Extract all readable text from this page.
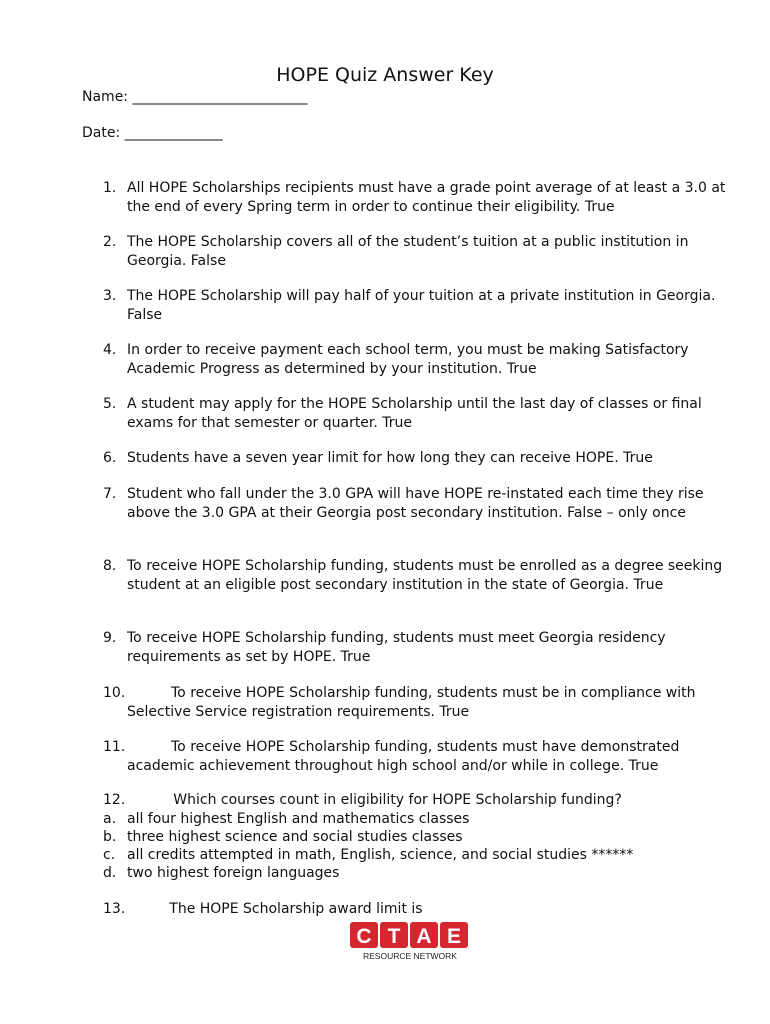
HOPE Quiz Answer Key
Name: _________________________
Date: ______________
1. All HOPE Scholarships recipients must have a grade point average of at least a 3.0 at the end of every Spring term in order to continue their eligibility. True
2. The HOPE Scholarship covers all of the student’s tuition at a public institution in Georgia. False
3. The HOPE Scholarship will pay half of your tuition at a private institution in Georgia. False
4. In order to receive payment each school term, you must be making Satisfactory Academic Progress as determined by your institution. True
5. A student may apply for the HOPE Scholarship until the last day of classes or final exams for that semester or quarter. True
6. Students have a seven year limit for how long they can receive HOPE. True
7. Student who fall under the 3.0 GPA will have HOPE re-instated each time they rise above the 3.0 GPA at their Georgia post secondary institution. False – only once
8. To receive HOPE Scholarship funding, students must be enrolled as a degree seeking student at an eligible post secondary institution in the state of Georgia. True
9. To receive HOPE Scholarship funding, students must meet Georgia residency requirements as set by HOPE. True
10.	To receive HOPE Scholarship funding, students must be in compliance with Selective Service registration requirements. True
11.	To receive HOPE Scholarship funding, students must have demonstrated academic achievement throughout high school and/or while in college. True
12.	Which courses count in eligibility for HOPE Scholarship funding?
a. all four highest English and mathematics classes
b. three highest science and social studies classes
c. all credits attempted in math, English, science, and social studies ******
d. two highest foreign languages
13.	The HOPE Scholarship award limit is
C T A E
RESOURCE NETWORK
